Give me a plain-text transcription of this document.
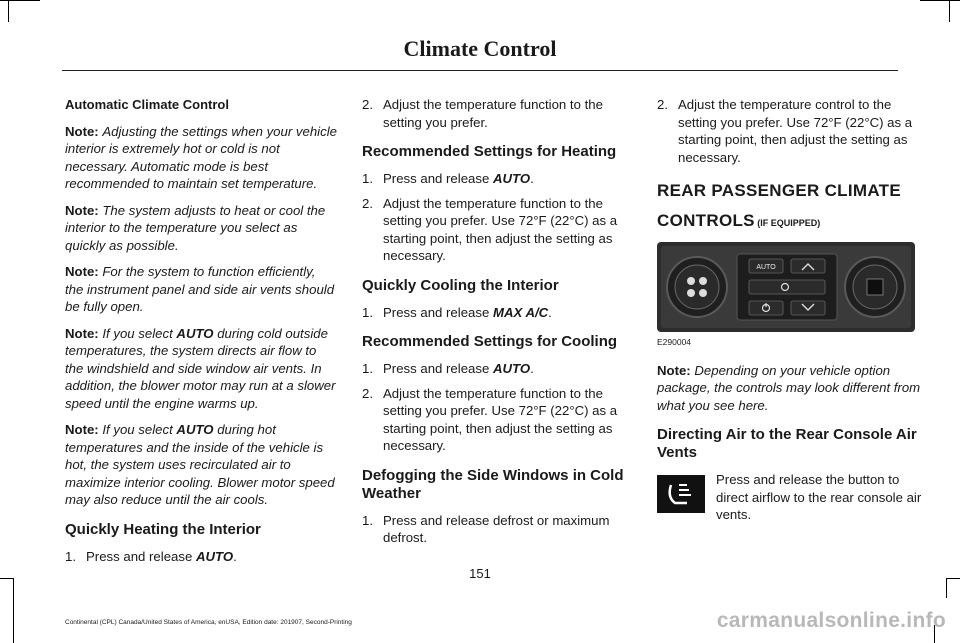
Climate Control
Automatic Climate Control

Note: Adjusting the settings when your vehicle interior is extremely hot or cold is not necessary. Automatic mode is best recommended to maintain set temperature.

Note: The system adjusts to heat or cool the interior to the temperature you select as quickly as possible.

Note: For the system to function efficiently, the instrument panel and side air vents should be fully open.

Note: If you select AUTO during cold outside temperatures, the system directs air flow to the windshield and side window air vents. In addition, the blower motor may run at a slower speed until the engine warms up.

Note: If you select AUTO during hot temperatures and the inside of the vehicle is hot, the system uses recirculated air to maximize interior cooling. Blower motor speed may also reduce until the air cools.

Quickly Heating the Interior
1. Press and release AUTO.
2. Adjust the temperature function to the setting you prefer.
Recommended Settings for Heating
1. Press and release AUTO.
2. Adjust the temperature function to the setting you prefer. Use 72°F (22°C) as a starting point, then adjust the setting as necessary.
Quickly Cooling the Interior
1. Press and release MAX A/C.
Recommended Settings for Cooling
1. Press and release AUTO.
2. Adjust the temperature function to the setting you prefer. Use 72°F (22°C) as a starting point, then adjust the setting as necessary.
Defogging the Side Windows in Cold Weather
1. Press and release defrost or maximum defrost.
2. Adjust the temperature control to the setting you prefer. Use 72°F (22°C) as a starting point, then adjust the setting as necessary.
REAR PASSENGER CLIMATE
CONTROLS (IF EQUIPPED)
AUTO
E290004

Note: Depending on your vehicle option package, the controls may look different from what you see here.

Directing Air to the Rear Console Air Vents
Press and release the button to direct airflow to the rear console air vents.
151
Continental (CPL) Canada/United States of America, enUSA, Edition date: 201907, Second-Printing	carmanualsonline.info
